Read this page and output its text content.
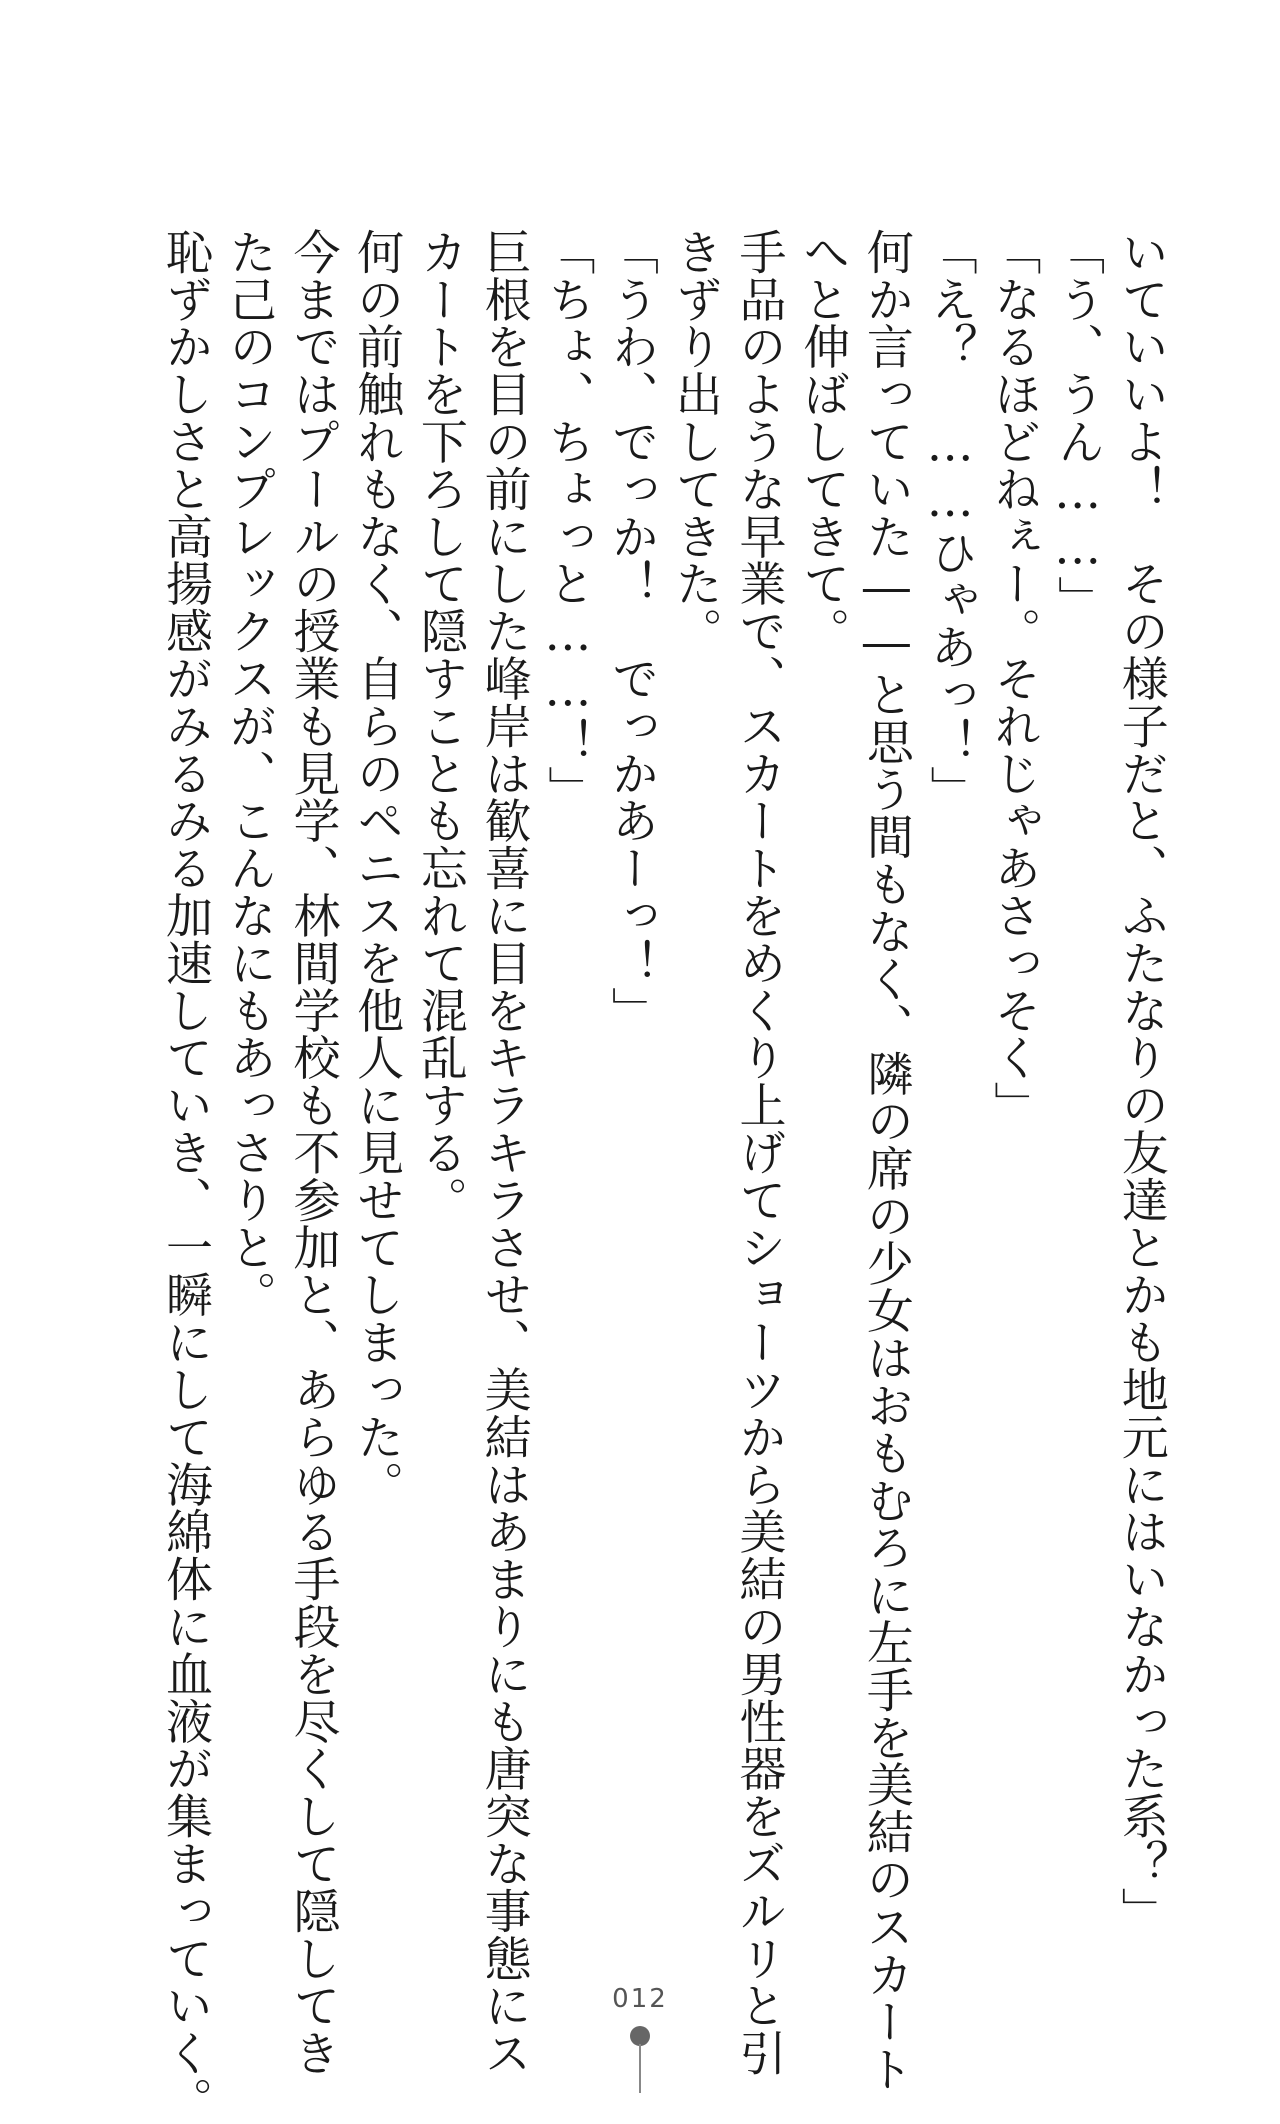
いていいよ！　その様子だと、ふたなりの友達とかも地元にはいなかった系？」
「う、うん……」
「なるほどねぇー。それじゃあさっそく」
「え？　……ひゃあっ！」
何か言っていた――と思う間もなく、隣の席の少女はおもむろに左手を美結のスカート
へと伸ばしてきて。
手品のような早業で、スカートをめくり上げてショーツから美結の男性器をズルリと引
きずり出してきた。
「うわ、でっか！　でっかあーっ！」
「ちょ、ちょっと……！」
巨根を目の前にした峰岸は歓喜に目をキラキラさせ、美結はあまりにも唐突な事態にス
カートを下ろして隠すことも忘れて混乱する。
何の前触れもなく、自らのペニスを他人に見せてしまった。
今まではプールの授業も見学、林間学校も不参加と、あらゆる手段を尽くして隠してき
た己のコンプレックスが、こんなにもあっさりと。
恥ずかしさと高揚感がみるみる加速していき、一瞬にして海綿体に血液が集まっていく。	012
